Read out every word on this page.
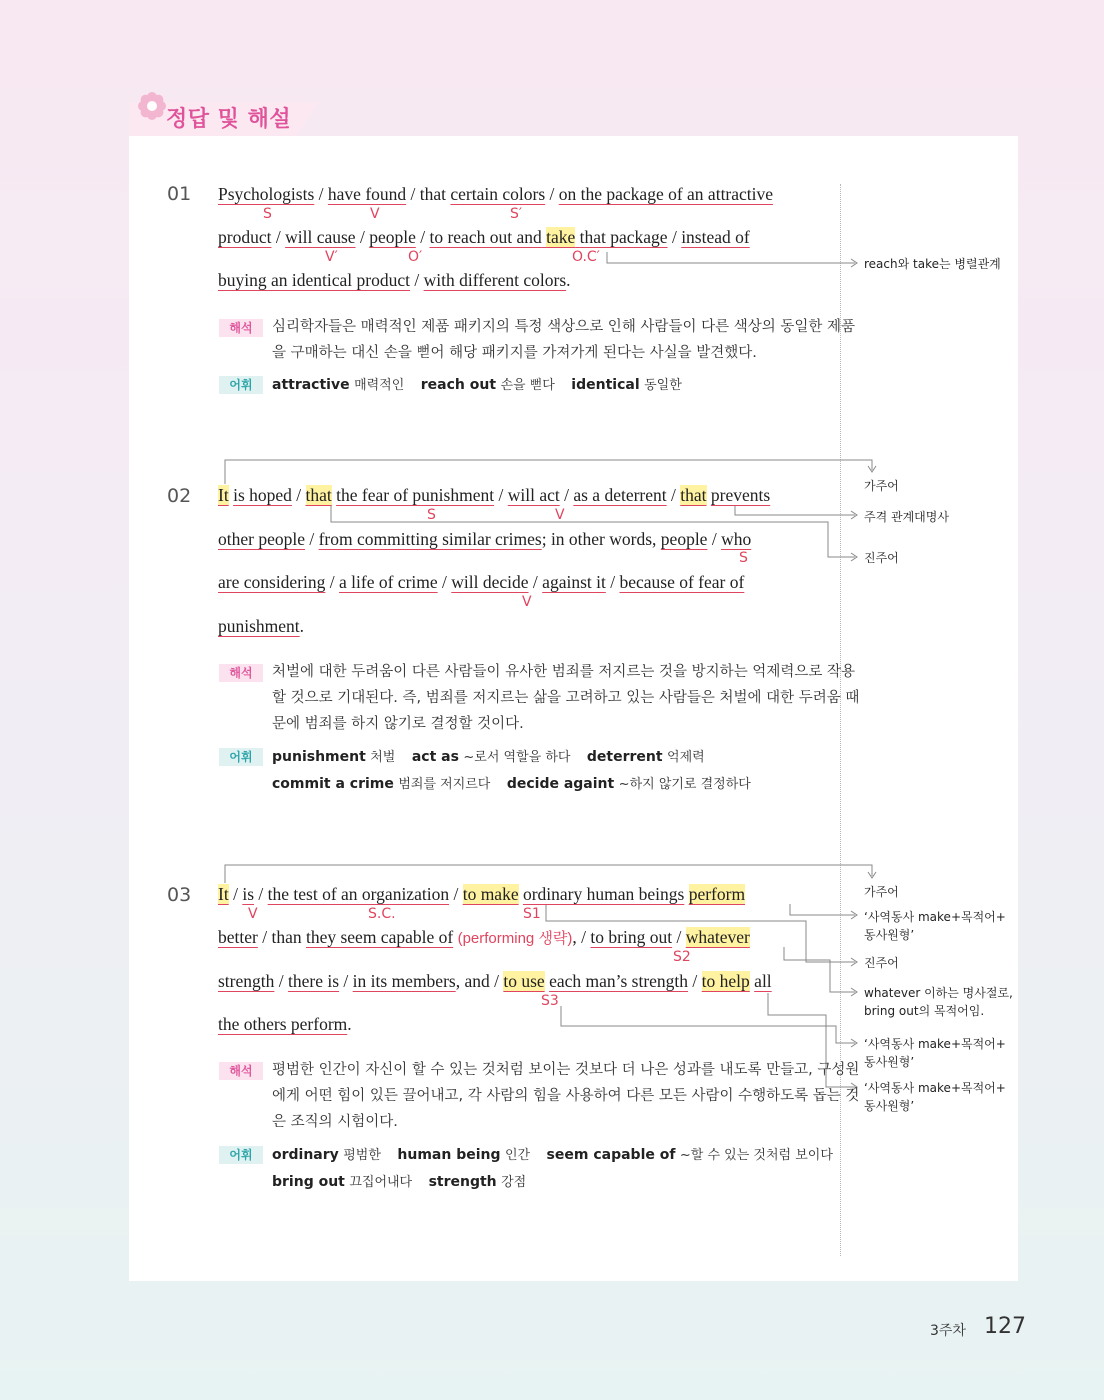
정답 및 해설
01 Psychologists / have found / that certain colors / on the package of an attractive
S	V	S′
product / will cause / people / to reach out and take that package / instead of
V′	O′	O.C′
buying an identical product / with different colors.
reach와 take는 병렬관계
해석	심리학자들은 매력적인 제품 패키지의 특정 색상으로 인해 사람들이 다른 색상의 동일한 제품
을 구매하는 대신 손을 뻗어 해당 패키지를 가져가게 된다는 사실을 발견했다.
어휘	attractive 매력적인 reach out 손을 뻗다 identical 동일한
02 It is hoped / that the fear of punishment / will act / as a deterrent / that prevents
S	V
other people / from committing similar crimes; in other words, people / who
S
are considering / a life of crime / will decide / against it / because of fear of
V
punishment.
가주어
주격 관계대명사
진주어
해석	처벌에 대한 두려움이 다른 사람들이 유사한 범죄를 저지르는 것을 방지하는 억제력으로 작용
할 것으로 기대된다. 즉, 범죄를 저지르는 삶을 고려하고 있는 사람들은 처벌에 대한 두려움 때
문에 범죄를 하지 않기로 결정할 것이다.
어휘	punishment 처벌 act as ~로서 역할을 하다 deterrent 억제력
commit a crime 범죄를 저지르다 decide againt ~하지 않기로 결정하다
03 It / is / the test of an organization / to make ordinary human beings perform
V	S.C.	S1
better / than they seem capable of (performing 생략), / to bring out / whatever
S2
strength / there is / in its members, and / to use each man’s strength / to help all
S3
the others perform.
가주어
‘사역동사 make+목적어+
동사원형’
진주어
whatever 이하는 명사절로,
bring out의 목적어임.
‘사역동사 make+목적어+
동사원형’
‘사역동사 make+목적어+
동사원형’
해석	평범한 인간이 자신이 할 수 있는 것처럼 보이는 것보다 더 나은 성과를 내도록 만들고, 구성원
에게 어떤 힘이 있든 끌어내고, 각 사람의 힘을 사용하여 다른 모든 사람이 수행하도록 돕는 것
은 조직의 시험이다.
어휘	ordinary 평범한 human being 인간 seem capable of ~할 수 있는 것처럼 보이다
bring out 끄집어내다 strength 강점
3주차 127
